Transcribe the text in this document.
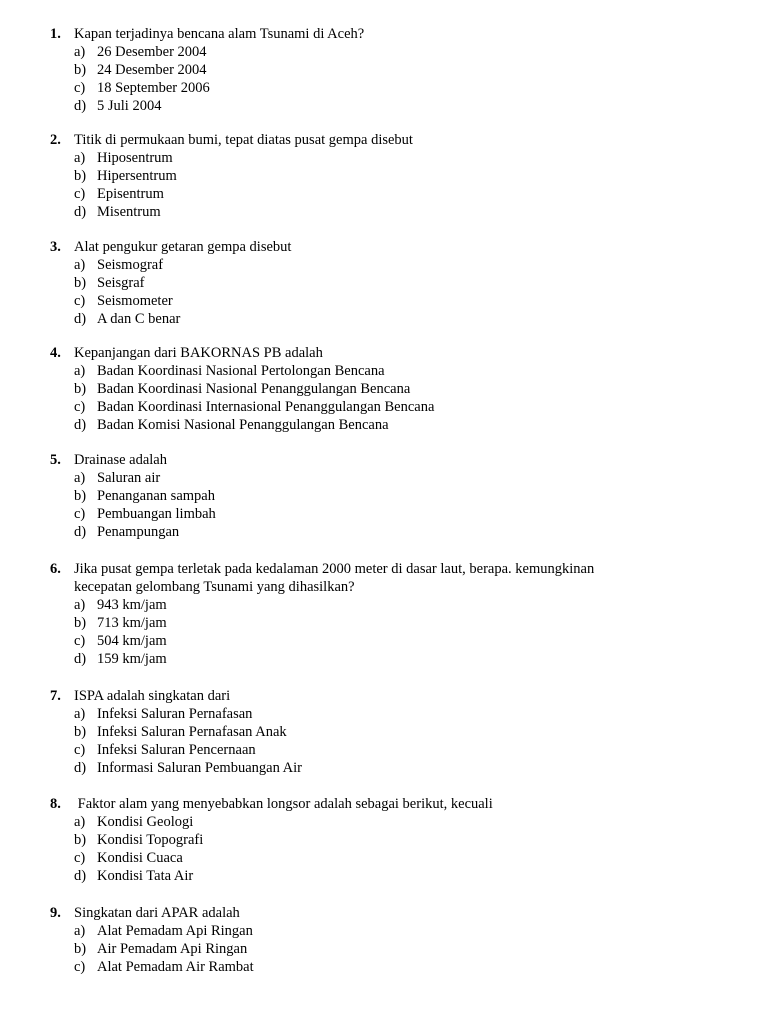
1. Kapan terjadinya bencana alam Tsunami di Aceh?
a) 26 Desember 2004
b) 24 Desember 2004
c) 18 September 2006
d) 5 Juli 2004
2. Titik di permukaan bumi, tepat diatas pusat gempa disebut
a) Hiposentrum
b) Hipersentrum
c) Episentrum
d) Misentrum
3. Alat pengukur getaran gempa disebut
a) Seismograf
b) Seisgraf
c) Seismometer
d) A dan C benar
4. Kepanjangan dari BAKORNAS PB adalah
a) Badan Koordinasi Nasional Pertolongan Bencana
b) Badan Koordinasi Nasional Penanggulangan Bencana
c) Badan Koordinasi Internasional Penanggulangan Bencana
d) Badan Komisi Nasional Penanggulangan Bencana
5. Drainase adalah
a) Saluran air
b) Penanganan sampah
c) Pembuangan limbah
d) Penampungan
6. Jika pusat gempa terletak pada kedalaman 2000 meter di dasar laut, berapa. kemungkinan
kecepatan gelombang Tsunami yang dihasilkan?
a) 943 km/jam
b) 713 km/jam
c) 504 km/jam
d) 159 km/jam
7. ISPA adalah singkatan dari
a) Infeksi Saluran Pernafasan
b) Infeksi Saluran Pernafasan Anak
c) Infeksi Saluran Pencernaan
d) Informasi Saluran Pembuangan Air
8. Faktor alam yang menyebabkan longsor adalah sebagai berikut, kecuali
a) Kondisi Geologi
b) Kondisi Topografi
c) Kondisi Cuaca
d) Kondisi Tata Air
9. Singkatan dari APAR adalah
a) Alat Pemadam Api Ringan
b) Air Pemadam Api Ringan
c) Alat Pemadam Air Rambat
